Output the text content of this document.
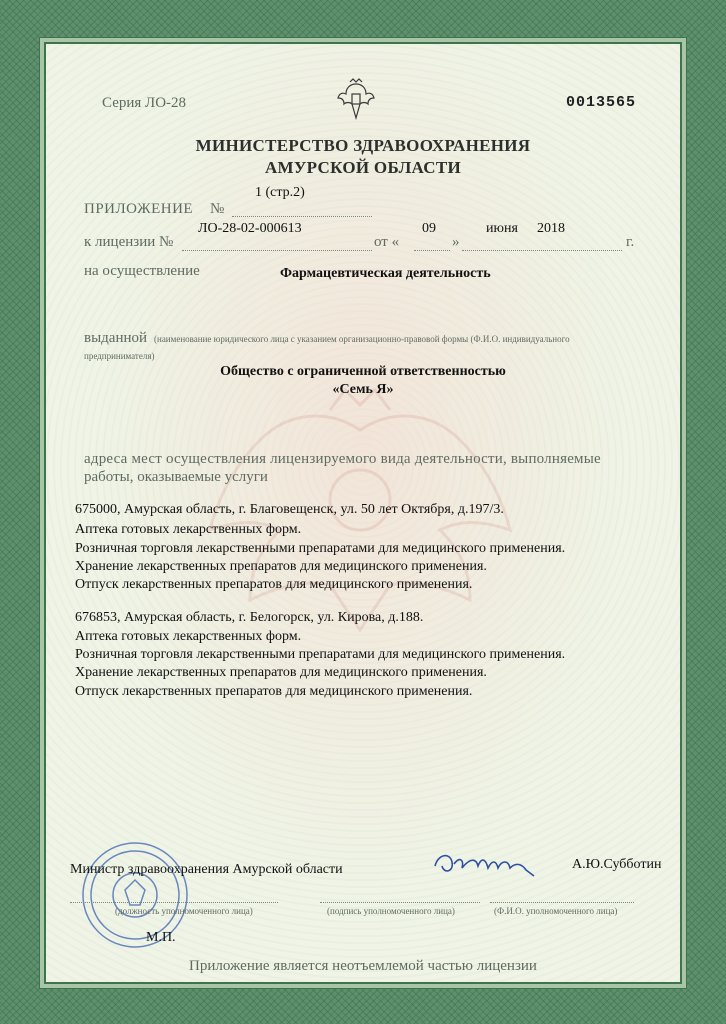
Серия ЛО-28	0013565
МИНИСТЕРСТВО ЗДРАВООХРАНЕНИЯ
АМУРСКОЙ ОБЛАСТИ
ПРИЛОЖЕНИЕ №
1 (стр.2)
к лицензии №
ЛО-28-02-000613
от «
09
»
июня 2018
г.
на осуществление	Фармацевтическая деятельность
выданной (наименование юридического лица с указанием организационно-правовой формы (Ф.И.О. индивидуального
предпринимателя)
Общество с ограниченной ответственностью
«Семь Я»
адреса мест осуществления лицензируемого вида деятельности, выполняемые
работы, оказываемые услуги
675000, Амурская область, г. Благовещенск, ул. 50 лет Октября, д.197/3.
Аптека готовых лекарственных форм.
Розничная торговля лекарственными препаратами для медицинского применения.
Хранение лекарственных препаратов для медицинского применения.
Отпуск лекарственных препаратов для медицинского применения.
676853, Амурская область, г. Белогорск, ул. Кирова, д.188.
Аптека готовых лекарственных форм.
Розничная торговля лекарственными препаратами для медицинского применения.
Хранение лекарственных препаратов для медицинского применения.
Отпуск лекарственных препаратов для медицинского применения.
Министр здравоохранения Амурской области	А.Ю.Субботин
(должность уполномоченного лица)	(подпись уполномоченного лица)	(Ф.И.О. уполномоченного лица)
М.П.
Приложение является неотъемлемой частью лицензии
